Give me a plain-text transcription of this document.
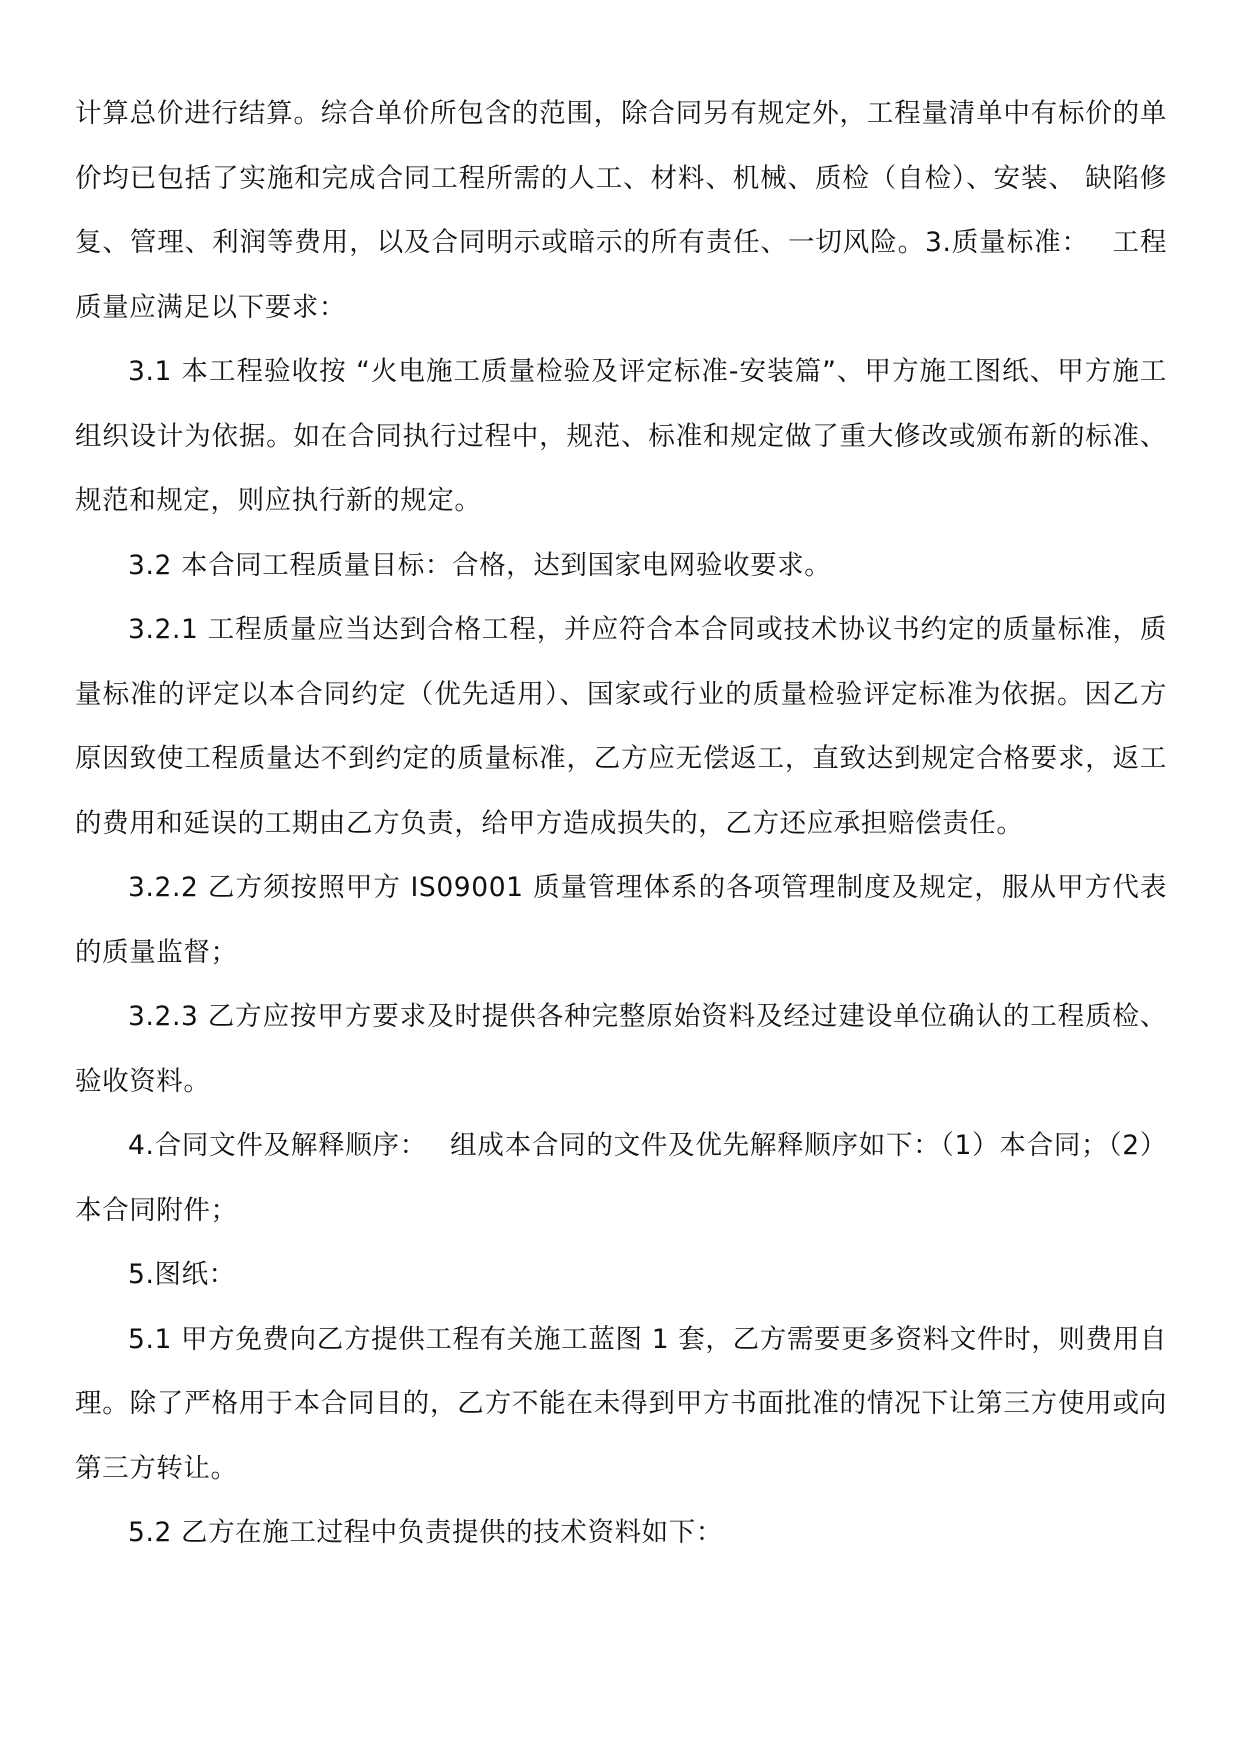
计算总价进行结算。综合单价所包含的范围，除合同另有规定外，工程量清单中有标价的单价均已包括了实施和完成合同工程所需的人工、材料、机械、质检（自检）、安装、 缺陷修复、管理、利润等费用，以及合同明示或暗示的所有责任、一切风险。3.质量标准：　 工程质量应满足以下要求：

3.1 本工程验收按 “火电施工质量检验及评定标准-安装篇”、甲方施工图纸、甲方施工组织设计为依据。如在合同执行过程中，规范、标准和规定做了重大修改或颁布新的标准、规范和规定，则应执行新的规定。

3.2 本合同工程质量目标：合格，达到国家电网验收要求。

3.2.1 工程质量应当达到合格工程，并应符合本合同或技术协议书约定的质量标准，质量标准的评定以本合同约定（优先适用）、国家或行业的质量检验评定标准为依据。因乙方原因致使工程质量达不到约定的质量标准，乙方应无偿返工，直致达到规定合格要求，返工的费用和延误的工期由乙方负责，给甲方造成损失的，乙方还应承担赔偿责任。

3.2.2 乙方须按照甲方 IS09001 质量管理体系的各项管理制度及规定，服从甲方代表的质量监督；

3.2.3 乙方应按甲方要求及时提供各种完整原始资料及经过建设单位确认的工程质检、验收资料。

4.合同文件及解释顺序：　 组成本合同的文件及优先解释顺序如下：（1）本合同；（2）本合同附件；

5.图纸：

5.1 甲方免费向乙方提供工程有关施工蓝图 1 套，乙方需要更多资料文件时，则费用自理。除了严格用于本合同目的，乙方不能在未得到甲方书面批准的情况下让第三方使用或向第三方转让。

5.2 乙方在施工过程中负责提供的技术资料如下：
